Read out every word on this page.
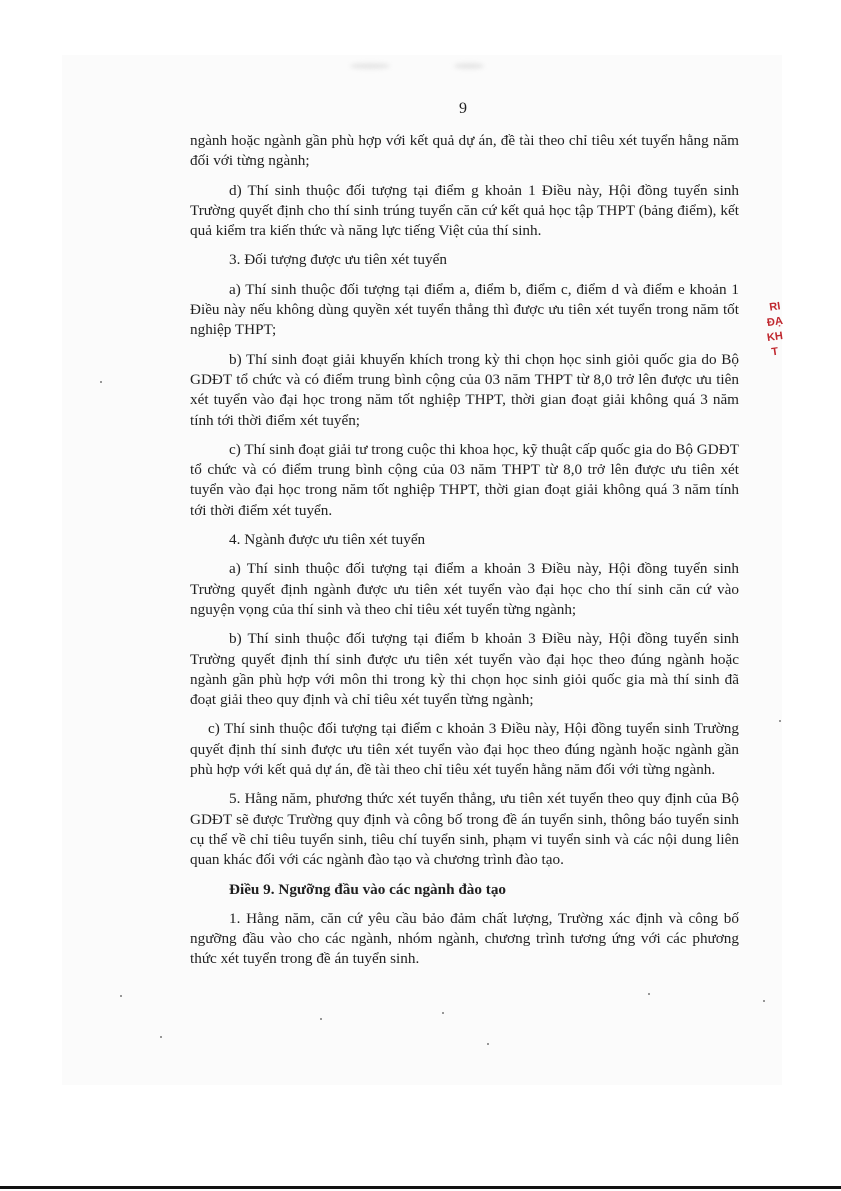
9

ngành hoặc ngành gần phù hợp với kết quả dự án, đề tài theo chỉ tiêu xét tuyển hằng năm đối với từng ngành;

d) Thí sinh thuộc đối tượng tại điểm g khoản 1 Điều này, Hội đồng tuyển sinh Trường quyết định cho thí sinh trúng tuyển căn cứ kết quả học tập THPT (bảng điểm), kết quả kiểm tra kiến thức và năng lực tiếng Việt của thí sinh.

3. Đối tượng được ưu tiên xét tuyển

a) Thí sinh thuộc đối tượng tại điểm a, điểm b, điểm c, điểm d và điểm e khoản 1 Điều này nếu không dùng quyền xét tuyển thẳng thì được ưu tiên xét tuyển trong năm tốt nghiệp THPT;

b) Thí sinh đoạt giải khuyến khích trong kỳ thi chọn học sinh giỏi quốc gia do Bộ GDĐT tổ chức và có điểm trung bình cộng của 03 năm THPT từ 8,0 trở lên được ưu tiên xét tuyển vào đại học trong năm tốt nghiệp THPT, thời gian đoạt giải không quá 3 năm tính tới thời điểm xét tuyển;

c) Thí sinh đoạt giải tư trong cuộc thi khoa học, kỹ thuật cấp quốc gia do Bộ GDĐT tổ chức và có điểm trung bình cộng của 03 năm THPT từ 8,0 trở lên được ưu tiên xét tuyển vào đại học trong năm tốt nghiệp THPT, thời gian đoạt giải không quá 3 năm tính tới thời điểm xét tuyển.

4. Ngành được ưu tiên xét tuyển

a) Thí sinh thuộc đối tượng tại điểm a khoản 3 Điều này, Hội đồng tuyển sinh Trường quyết định ngành được ưu tiên xét tuyển vào đại học cho thí sinh căn cứ vào nguyện vọng của thí sinh và theo chỉ tiêu xét tuyển từng ngành;

b) Thí sinh thuộc đối tượng tại điểm b khoản 3 Điều này, Hội đồng tuyển sinh Trường quyết định thí sinh được ưu tiên xét tuyển vào đại học theo đúng ngành hoặc ngành gần phù hợp với môn thi trong kỳ thi chọn học sinh giỏi quốc gia mà thí sinh đã đoạt giải theo quy định và chỉ tiêu xét tuyển từng ngành;

c) Thí sinh thuộc đối tượng tại điểm c khoản 3 Điều này, Hội đồng tuyển sinh Trường quyết định thí sinh được ưu tiên xét tuyển vào đại học theo đúng ngành hoặc ngành gần phù hợp với kết quả dự án, đề tài theo chỉ tiêu xét tuyển hằng năm đối với từng ngành.

5. Hằng năm, phương thức xét tuyển thẳng, ưu tiên xét tuyển theo quy định của Bộ GDĐT sẽ được Trường quy định và công bố trong đề án tuyển sinh, thông báo tuyển sinh cụ thể về chỉ tiêu tuyển sinh, tiêu chí tuyển sinh, phạm vi tuyển sinh và các nội dung liên quan khác đối với các ngành đào tạo và chương trình đào tạo.

Điều 9. Ngưỡng đầu vào các ngành đào tạo

1. Hằng năm, căn cứ yêu cầu bảo đảm chất lượng, Trường xác định và công bố ngưỡng đầu vào cho các ngành, nhóm ngành, chương trình tương ứng với các phương thức xét tuyển trong đề án tuyển sinh.

RI
ĐẠ
KH
T
